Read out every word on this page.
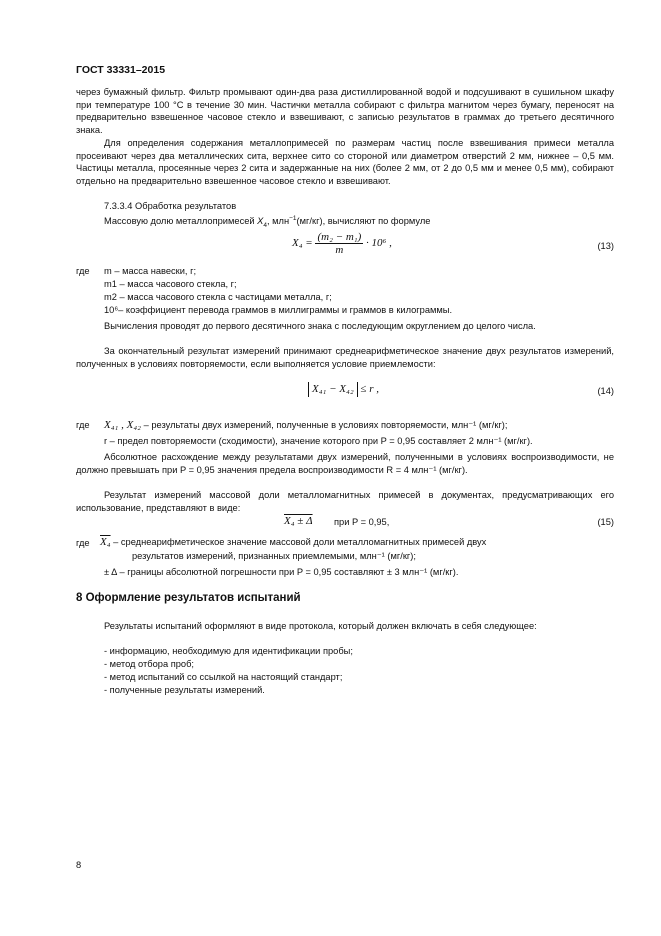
ГОСТ 33331–2015
через бумажный фильтр. Фильтр промывают один-два раза дистиллированной водой и подсушивают в сушильном шкафу при температуре 100 °С в течение 30 мин. Частички металла собирают с фильтра магнитом через бумагу, переносят на предварительно взвешенное часовое стекло и взвешивают, с записью результатов в граммах до третьего десятичного знака.
Для определения содержания металлопримесей по размерам частиц после взвешивания примеси металла просеивают через два металлических сита, верхнее сито со стороной или диаметром отверстий 2 мм, нижнее – 0,5 мм. Частицы металла, просеянные через 2 сита и задержанные на них (более 2 мм, от 2 до 0,5 мм и менее 0,5 мм), собирают отдельно на предварительно взвешенное часовое стекло и взвешивают.
7.3.3.4 Обработка результатов
Массовую долю металлопримесей $X_4$, млн$^{-1}$(мг/кг), вычисляют по формуле
$X_4 = \frac{\text{(m₂ − m₁)}}{m} \cdot 10^6$ ,	(13)
где m – масса навески, г;
m1 – масса часового стекла, г;
m2 – масса часового стекла с частицами металла, г;
10⁶– коэффициент перевода граммов в миллиграммы и граммов в килограммы.
Вычисления проводят до первого десятичного знака с последующим округлением до целого числа.
За окончательный результат измерений принимают среднеарифметическое значение двух результатов измерений, полученных в условиях повторяемости, если выполняется условие приемлемости:
X₄₁ − X₄₂ ≤ r ,	(14)
где X₄₁ , X₄₂ – результаты двух измерений, полученные в условиях повторяемости, млн⁻¹ (мг/кг);
r – предел повторяемости (сходимости), значение которого при P = 0,95 составляет 2 млн⁻¹ (мг/кг).
Абсолютное расхождение между результатами двух измерений, полученными в условиях воспроизводимости, не должно превышать при P = 0,95 значения предела воспроизводимости R = 4 млн⁻¹ (мг/кг).
Результат измерений массовой доли металломагнитных примесей в документах, предусматривающих его использование, представляют в виде:
X₄ ± Δ при P = 0,95,	(15)
где X₄ – среднеарифметическое значение массовой доли металломагнитных примесей двух
результатов измерений, признанных приемлемыми, млн⁻¹ (мг/кг);
± Δ – границы абсолютной погрешности при P = 0,95 составляют ± 3 млн⁻¹ (мг/кг).
8 Оформление результатов испытаний
Результаты испытаний оформляют в виде протокола, который должен включать в себя следующее:
- информацию, необходимую для идентификации пробы;
- метод отбора проб;
- метод испытаний со ссылкой на настоящий стандарт;
- полученные результаты измерений.
8
